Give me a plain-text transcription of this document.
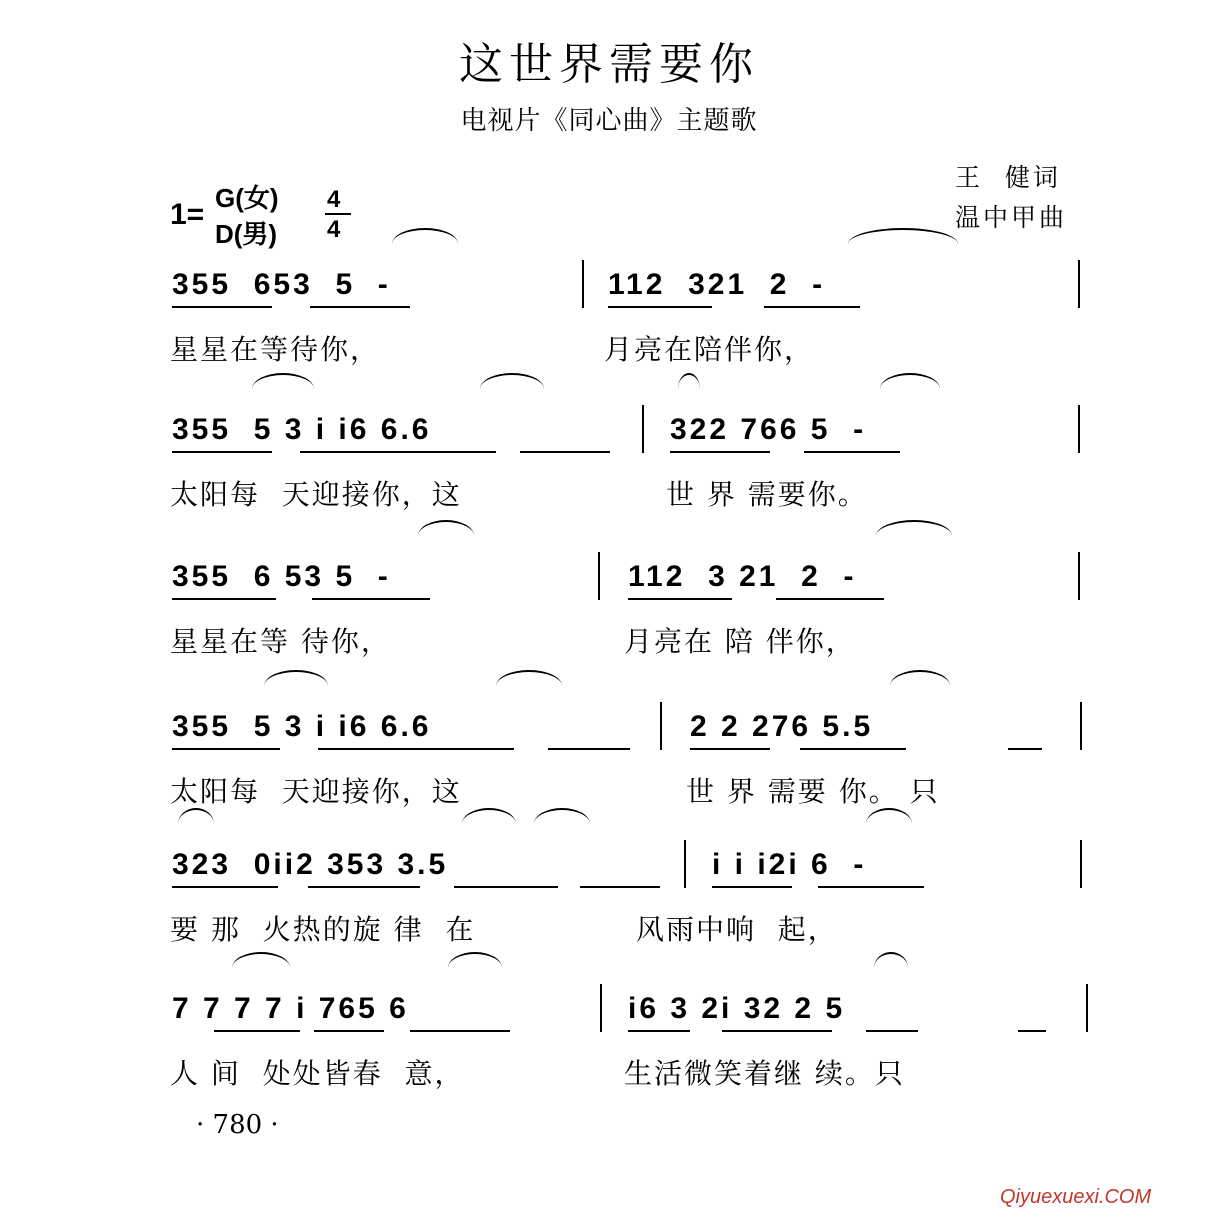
这世界需要你
电视片《同心曲》主题歌
王  健词
温中甲曲
1= G(女)
D(男)
4
4
355  653  5  -	112  321  2  -
星星在等待你，	月亮在陪伴你，
355  5 3 i i6 6.6	322 766 5  -
太阳每  天迎接你，这	世 界 需要你。
355  6 53 5  -	112  3 21  2  -
星星在等 待你，	月亮在 陪 伴你，
355  5 3 i i6 6.6	2 2 276 5.5
太阳每  天迎接你，这	世 界 需要 你。 只
323  0ii2 353 3.5	i i i2i 6  -
要 那  火热的旋 律  在	风雨中响  起，
7 7 7 7 i 765 6	i6 3 2i 32 2 5
人 间  处处皆春  意，	生活微笑着继 续。只
· 780 ·
Qiyuexuexi.COM
